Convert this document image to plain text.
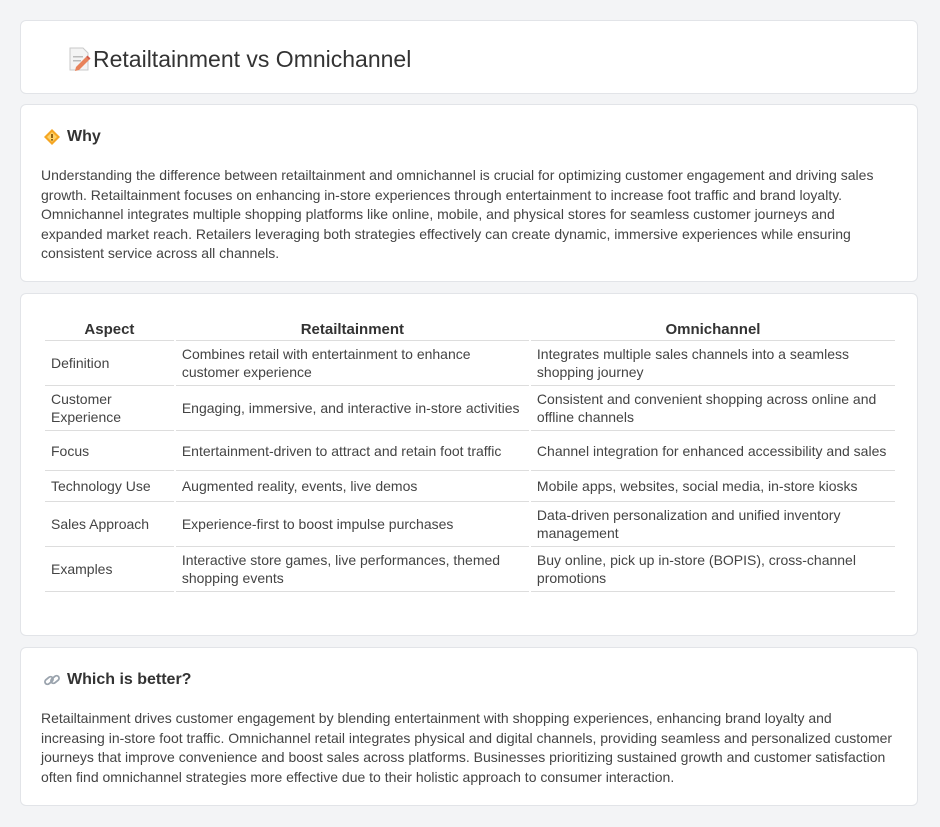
Retailtainment vs Omnichannel
Why

Understanding the difference between retailtainment and omnichannel is crucial for optimizing customer engagement and driving sales growth. Retailtainment focuses on enhancing in-store experiences through entertainment to increase foot traffic and brand loyalty. Omnichannel integrates multiple shopping platforms like online, mobile, and physical stores for seamless customer journeys and expanded market reach. Retailers leveraging both strategies effectively can create dynamic, immersive experiences while ensuring consistent service across all channels.

Aspect	Retailtainment	Omnichannel
Definition	Combines retail with entertainment to enhance customer experience	Integrates multiple sales channels into a seamless shopping journey
Customer Experience	Engaging, immersive, and interactive in-store activities	Consistent and convenient shopping across online and offline channels
Focus	Entertainment-driven to attract and retain foot traffic	Channel integration for enhanced accessibility and sales
Technology Use	Augmented reality, events, live demos	Mobile apps, websites, social media, in-store kiosks
Sales Approach	Experience-first to boost impulse purchases	Data-driven personalization and unified inventory management
Examples	Interactive store games, live performances, themed shopping events	Buy online, pick up in-store (BOPIS), cross-channel promotions
Which is better?

Retailtainment drives customer engagement by blending entertainment with shopping experiences, enhancing brand loyalty and increasing in-store foot traffic. Omnichannel retail integrates physical and digital channels, providing seamless and personalized customer journeys that improve convenience and boost sales across platforms. Businesses prioritizing sustained growth and customer satisfaction often find omnichannel strategies more effective due to their holistic approach to consumer interaction.
